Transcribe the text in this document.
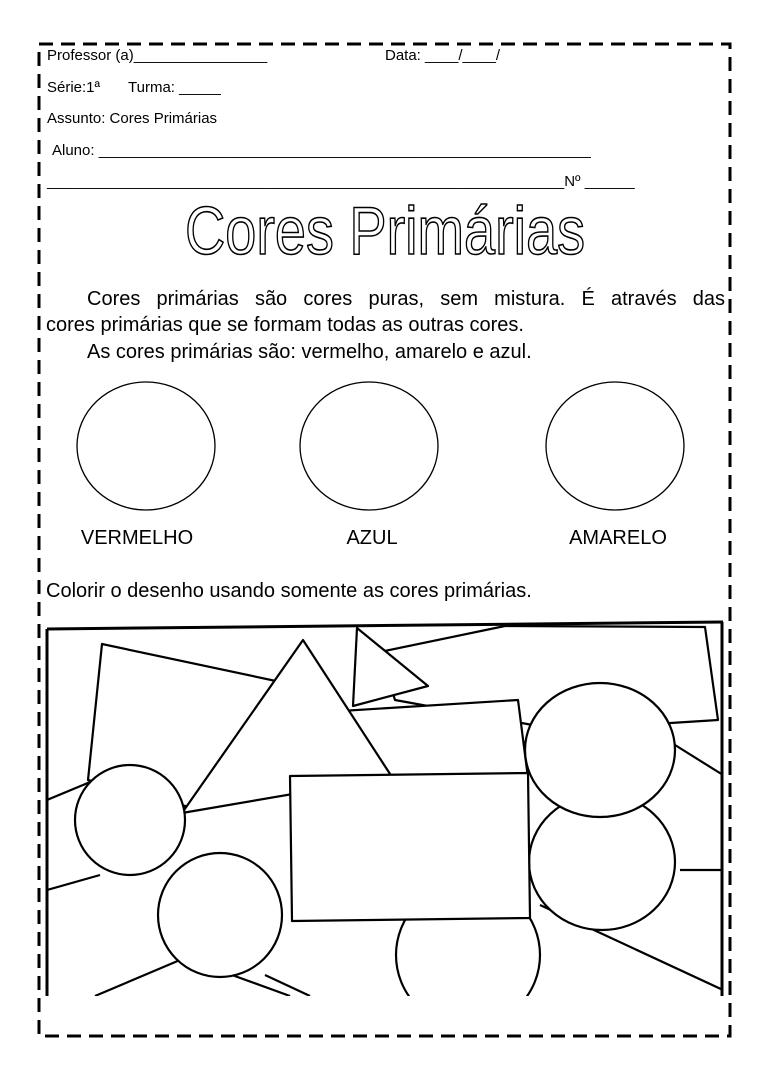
Professor (a)________________	Data: ____/____/
Série:1ª Turma: _____
Assunto: Cores Primárias
Aluno: ___________________________________________________________
______________________________________________________________Nº ______
Cores Primárias
Cores primárias são cores puras, sem mistura. É através das
cores primárias que se formam todas as outras cores.
As cores primárias são: vermelho, amarelo e azul.
VERMELHO	AZUL	AMARELO
Colorir o desenho usando somente as cores primárias.
